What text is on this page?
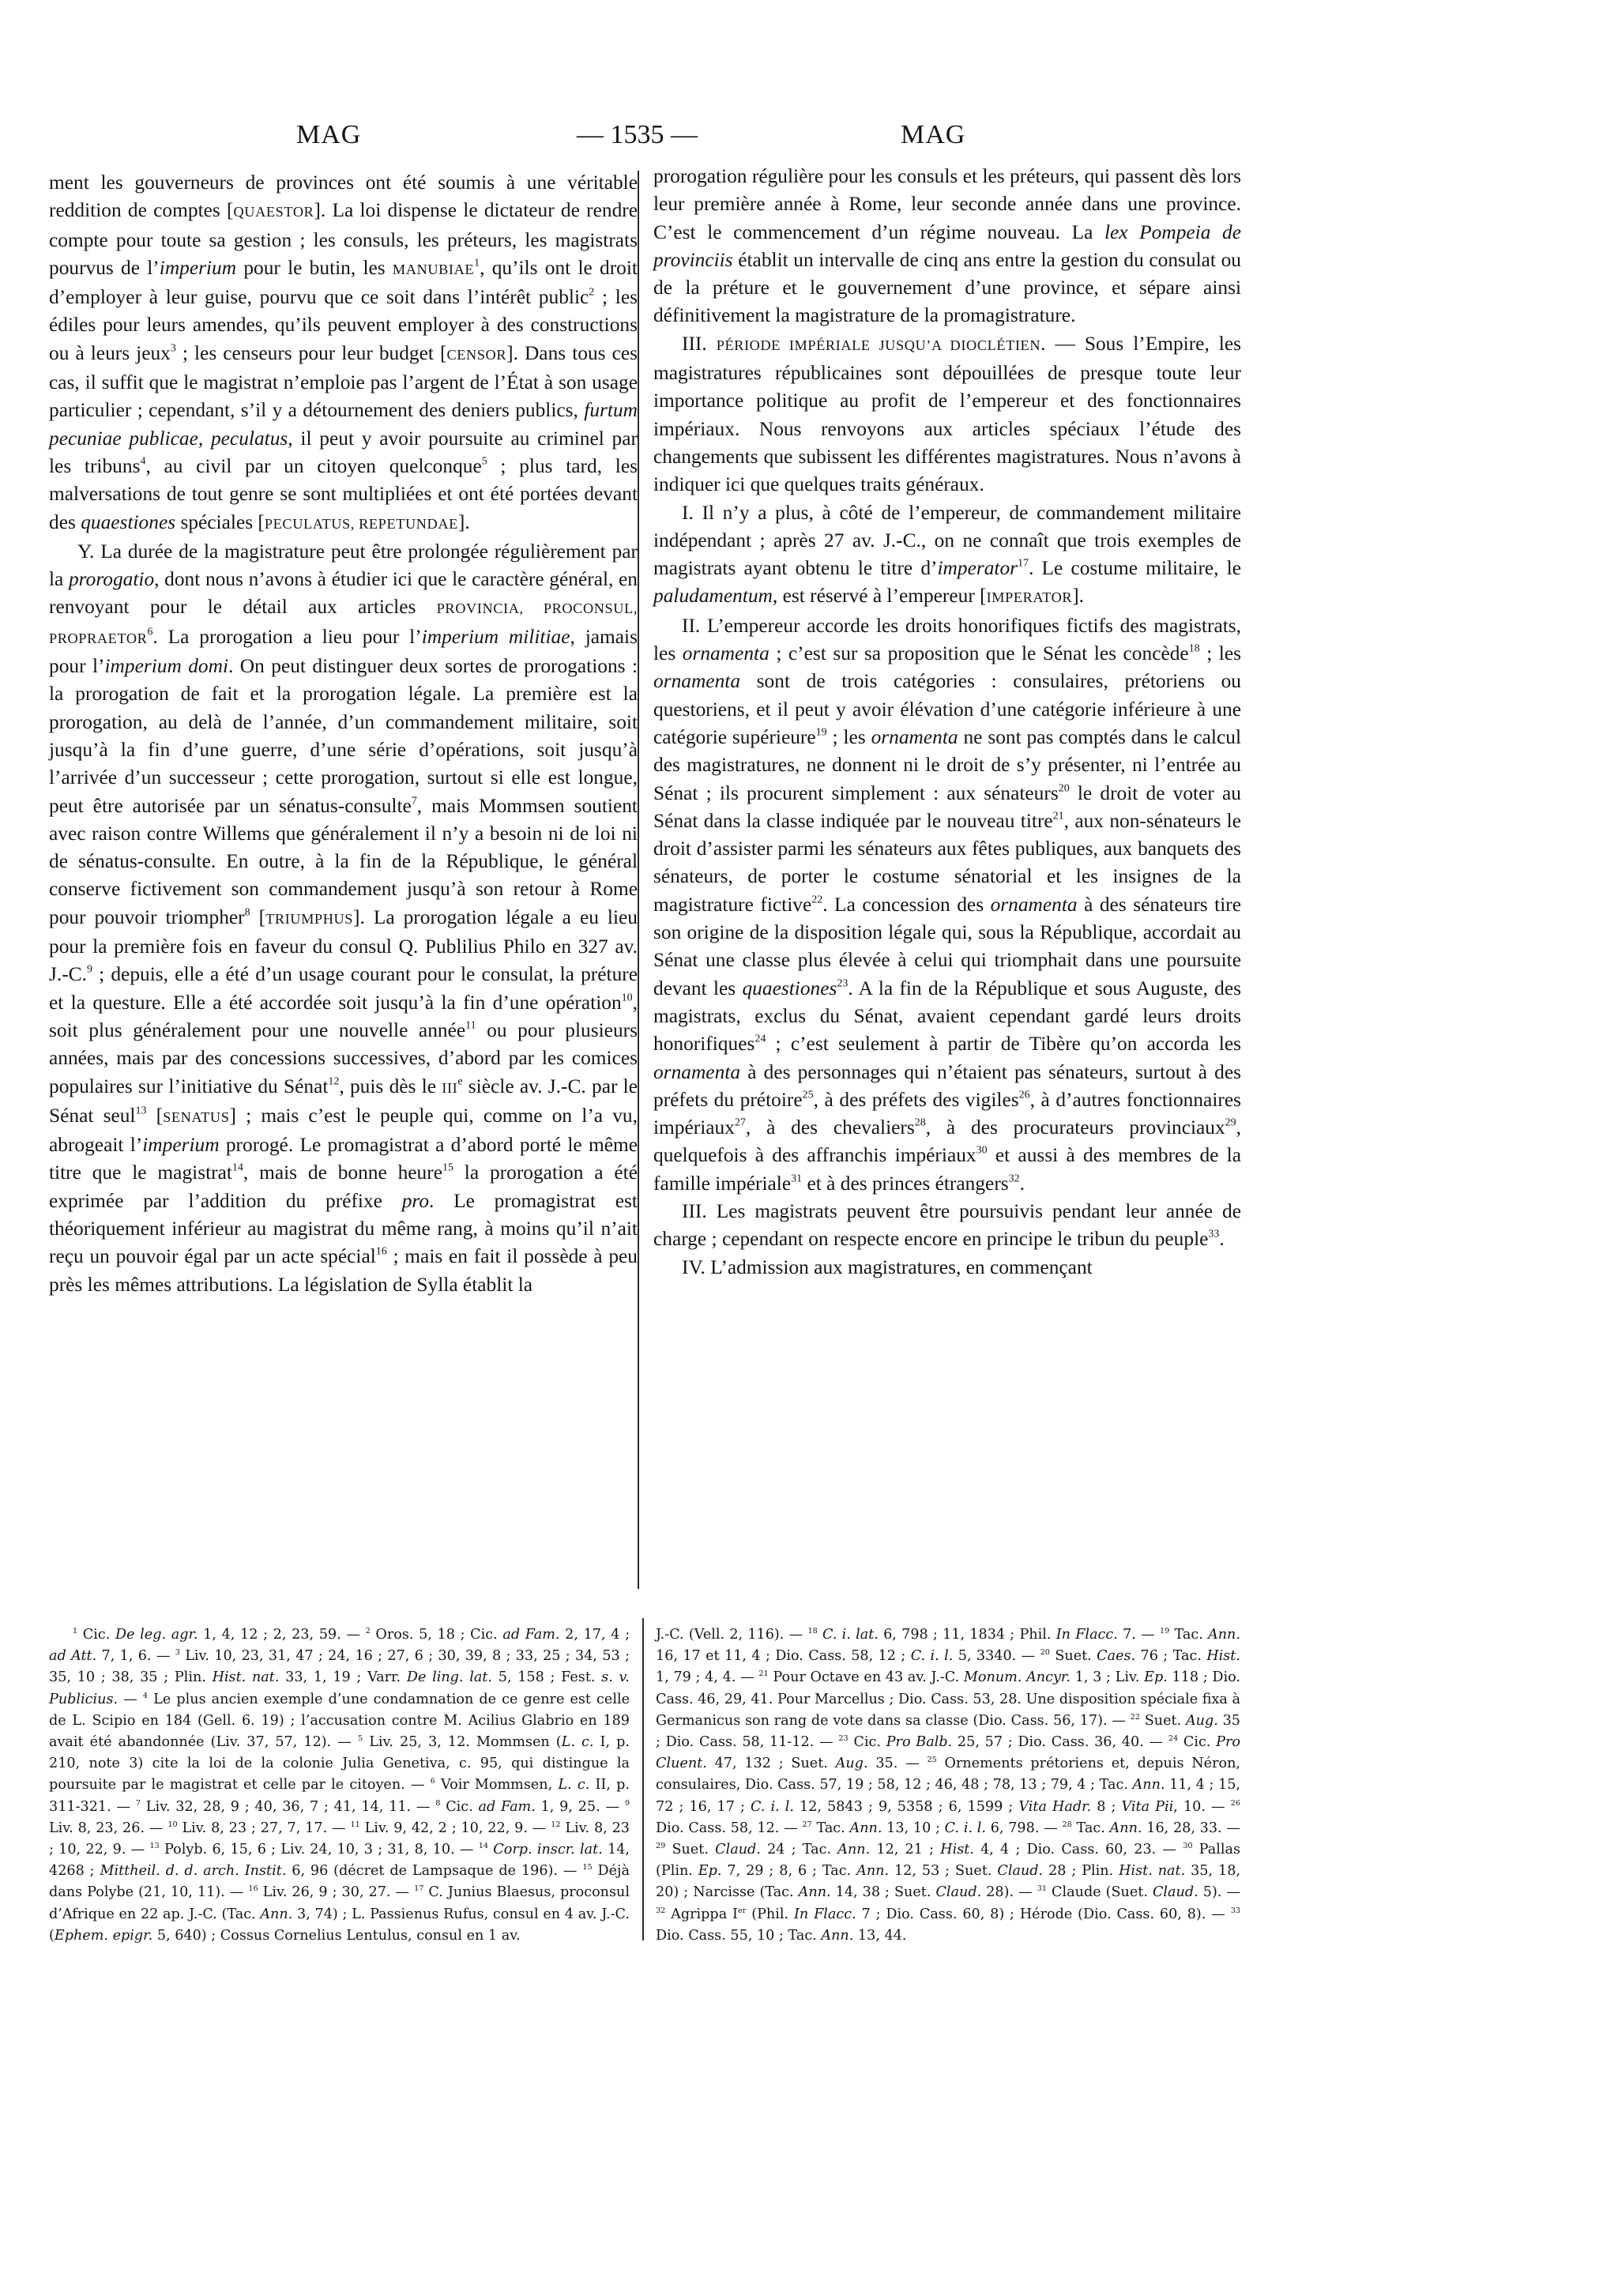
MAG	— 1535 —	MAG

ment les gouverneurs de provinces ont été soumis à une véritable reddition de comptes [QUAESTOR]. La loi dispense le dictateur de rendre compte pour toute sa gestion ; les consuls, les préteurs, les magistrats pourvus de l’imperium pour le butin, les MANUBIAE$^1$, qu’ils ont le droit d’employer à leur guise, pourvu que ce soit dans l’intérêt public$^2$ ; les édiles pour leurs amendes, qu’ils peuvent employer à des constructions ou à leurs jeux$^3$ ; les censeurs pour leur budget [CENSOR]. Dans tous ces cas, il suffit que le magistrat n’emploie pas l’argent de l’État à son usage particulier ; cependant, s’il y a détournement des deniers publics, furtum pecuniae publicae, peculatus, il peut y avoir poursuite au criminel par les tribuns$^4$, au civil par un citoyen quelconque$^5$ ; plus tard, les malversations de tout genre se sont multipliées et ont été portées devant des quaestiones spéciales [PECULATUS, REPETUNDAE].

Y. La durée de la magistrature peut être prolongée régulièrement par la prorogatio, dont nous n’avons à étudier ici que le caractère général, en renvoyant pour le détail aux articles PROVINCIA, PROCONSUL, PROPRAETOR$^6$. La prorogation a lieu pour l’imperium militiae, jamais pour l’imperium domi. On peut distinguer deux sortes de prorogations : la prorogation de fait et la prorogation légale. La première est la prorogation, au delà de l’année, d’un commandement militaire, soit jusqu’à la fin d’une guerre, d’une série d’opérations, soit jusqu’à l’arrivée d’un successeur ; cette prorogation, surtout si elle est longue, peut être autorisée par un sénatus-consulte$^7$, mais Mommsen soutient avec raison contre Willems que généralement il n’y a besoin ni de loi ni de sénatus-consulte. En outre, à la fin de la République, le général conserve fictivement son commandement jusqu’à son retour à Rome pour pouvoir triompher$^8$ [TRIUMPHUS]. La prorogation légale a eu lieu pour la première fois en faveur du consul Q. Publilius Philo en 327 av. J.-C.$^9$ ; depuis, elle a été d’un usage courant pour le consulat, la préture et la questure. Elle a été accordée soit jusqu’à la fin d’une opération$^{10}$, soit plus généralement pour une nouvelle année$^{11}$ ou pour plusieurs années, mais par des concessions successives, d’abord par les comices populaires sur l’initiative du Sénat$^{12}$, puis dès le IIIe siècle av. J.-C. par le Sénat seul$^{13}$ [SENATUS] ; mais c’est le peuple qui, comme on l’a vu, abrogeait l’imperium prorogé. Le promagistrat a d’abord porté le même titre que le magistrat$^{14}$, mais de bonne heure$^{15}$ la prorogation a été exprimée par l’addition du préfixe pro. Le promagistrat est théoriquement inférieur au magistrat du même rang, à moins qu’il n’ait reçu un pouvoir égal par un acte spécial$^{16}$ ; mais en fait il possède à peu près les mêmes attributions. La législation de Sylla établit la

prorogation régulière pour les consuls et les préteurs, qui passent dès lors leur première année à Rome, leur seconde année dans une province. C’est le commencement d’un régime nouveau. La lex Pompeia de provinciis établit un intervalle de cinq ans entre la gestion du consulat ou de la préture et le gouvernement d’une province, et sépare ainsi définitivement la magistrature de la promagistrature.

III. PÉRIODE IMPÉRIALE JUSQU’A DIOCLÉTIEN. — Sous l’Empire, les magistratures républicaines sont dépouillées de presque toute leur importance politique au profit de l’empereur et des fonctionnaires impériaux. Nous renvoyons aux articles spéciaux l’étude des changements que subissent les différentes magistratures. Nous n’avons à indiquer ici que quelques traits généraux.

I. Il n’y a plus, à côté de l’empereur, de commandement militaire indépendant ; après 27 av. J.-C., on ne connaît que trois exemples de magistrats ayant obtenu le titre d’imperator$^{17}$. Le costume militaire, le paludamentum, est réservé à l’empereur [IMPERATOR].

II. L’empereur accorde les droits honorifiques fictifs des magistrats, les ornamenta ; c’est sur sa proposition que le Sénat les concède$^{18}$ ; les ornamenta sont de trois catégories : consulaires, prétoriens ou questoriens, et il peut y avoir élévation d’une catégorie inférieure à une catégorie supérieure$^{19}$ ; les ornamenta ne sont pas comptés dans le calcul des magistratures, ne donnent ni le droit de s’y présenter, ni l’entrée au Sénat ; ils procurent simplement : aux sénateurs$^{20}$ le droit de voter au Sénat dans la classe indiquée par le nouveau titre$^{21}$, aux non-sénateurs le droit d’assister parmi les sénateurs aux fêtes publiques, aux banquets des sénateurs, de porter le costume sénatorial et les insignes de la magistrature fictive$^{22}$. La concession des ornamenta à des sénateurs tire son origine de la disposition légale qui, sous la République, accordait au Sénat une classe plus élevée à celui qui triomphait dans une poursuite devant les quaestiones$^{23}$. A la fin de la République et sous Auguste, des magistrats, exclus du Sénat, avaient cependant gardé leurs droits honorifiques$^{24}$ ; c’est seulement à partir de Tibère qu’on accorda les ornamenta à des personnages qui n’étaient pas sénateurs, surtout à des préfets du prétoire$^{25}$, à des préfets des vigiles$^{26}$, à d’autres fonctionnaires impériaux$^{27}$, à des chevaliers$^{28}$, à des procurateurs provinciaux$^{29}$, quelquefois à des affranchis impériaux$^{30}$ et aussi à des membres de la famille impériale$^{31}$ et à des princes étrangers$^{32}$.

III. Les magistrats peuvent être poursuivis pendant leur année de charge ; cependant on respecte encore en principe le tribun du peuple$^{33}$.

IV. L’admission aux magistratures, en commençant

$^1$ Cic. De leg. agr. 1, 4, 12 ; 2, 23, 59. — $^2$ Oros. 5, 18 ; Cic. ad Fam. 2, 17, 4 ; ad Att. 7, 1, 6. — $^3$ Liv. 10, 23, 31, 47 ; 24, 16 ; 27, 6 ; 30, 39, 8 ; 33, 25 ; 34, 53 ; 35, 10 ; 38, 35 ; Plin. Hist. nat. 33, 1, 19 ; Varr. De ling. lat. 5, 158 ; Fest. s. v. Publicius. — $^4$ Le plus ancien exemple d’une condamnation de ce genre est celle de L. Scipio en 184 (Gell. 6. 19) ; l’accusation contre M. Acilius Glabrio en 189 avait été abandonnée (Liv. 37, 57, 12). — $^5$ Liv. 25, 3, 12. Mommsen (L. c. I, p. 210, note 3) cite la loi de la colonie Julia Genetiva, c. 95, qui distingue la poursuite par le magistrat et celle par le citoyen. — $^6$ Voir Mommsen, L. c. II, p. 311-321. — $^7$ Liv. 32, 28, 9 ; 40, 36, 7 ; 41, 14, 11. — $^8$ Cic. ad Fam. 1, 9, 25. — $^9$ Liv. 8, 23, 26. — $^{10}$ Liv. 8, 23 ; 27, 7, 17. — $^{11}$ Liv. 9, 42, 2 ; 10, 22, 9. — $^{12}$ Liv. 8, 23 ; 10, 22, 9. — $^{13}$ Polyb. 6, 15, 6 ; Liv. 24, 10, 3 ; 31, 8, 10. — $^{14}$ Corp. inscr. lat. 14, 4268 ; Mittheil. d. d. arch. Instit. 6, 96 (décret de Lampsaque de 196). — $^{15}$ Déjà dans Polybe (21, 10, 11). — $^{16}$ Liv. 26, 9 ; 30, 27. — $^{17}$ C. Junius Blaesus, proconsul d’Afrique en 22 ap. J.-C. (Tac. Ann. 3, 74) ; L. Passienus Rufus, consul en 4 av. J.-C. (Ephem. epigr. 5, 640) ; Cossus Cornelius Lentulus, consul en 1 av.

J.-C. (Vell. 2, 116). — $^{18}$ C. i. lat. 6, 798 ; 11, 1834 ; Phil. In Flacc. 7. — $^{19}$ Tac. Ann. 16, 17 et 11, 4 ; Dio. Cass. 58, 12 ; C. i. l. 5, 3340. — $^{20}$ Suet. Caes. 76 ; Tac. Hist. 1, 79 ; 4, 4. — $^{21}$ Pour Octave en 43 av. J.-C. Monum. Ancyr. 1, 3 ; Liv. Ep. 118 ; Dio. Cass. 46, 29, 41. Pour Marcellus ; Dio. Cass. 53, 28. Une disposition spéciale fixa à Germanicus son rang de vote dans sa classe (Dio. Cass. 56, 17). — $^{22}$ Suet. Aug. 35 ; Dio. Cass. 58, 11-12. — $^{23}$ Cic. Pro Balb. 25, 57 ; Dio. Cass. 36, 40. — $^{24}$ Cic. Pro Cluent. 47, 132 ; Suet. Aug. 35. — $^{25}$ Ornements prétoriens et, depuis Néron, consulaires, Dio. Cass. 57, 19 ; 58, 12 ; 46, 48 ; 78, 13 ; 79, 4 ; Tac. Ann. 11, 4 ; 15, 72 ; 16, 17 ; C. i. l. 12, 5843 ; 9, 5358 ; 6, 1599 ; Vita Hadr. 8 ; Vita Pii, 10. — $^{26}$ Dio. Cass. 58, 12. — $^{27}$ Tac. Ann. 13, 10 ; C. i. l. 6, 798. — $^{28}$ Tac. Ann. 16, 28, 33. — $^{29}$ Suet. Claud. 24 ; Tac. Ann. 12, 21 ; Hist. 4, 4 ; Dio. Cass. 60, 23. — $^{30}$ Pallas (Plin. Ep. 7, 29 ; 8, 6 ; Tac. Ann. 12, 53 ; Suet. Claud. 28 ; Plin. Hist. nat. 35, 18, 20) ; Narcisse (Tac. Ann. 14, 38 ; Suet. Claud. 28). — $^{31}$ Claude (Suet. Claud. 5). — $^{32}$ Agrippa Ier (Phil. In Flacc. 7 ; Dio. Cass. 60, 8) ; Hérode (Dio. Cass. 60, 8). — $^{33}$ Dio. Cass. 55, 10 ; Tac. Ann. 13, 44.
